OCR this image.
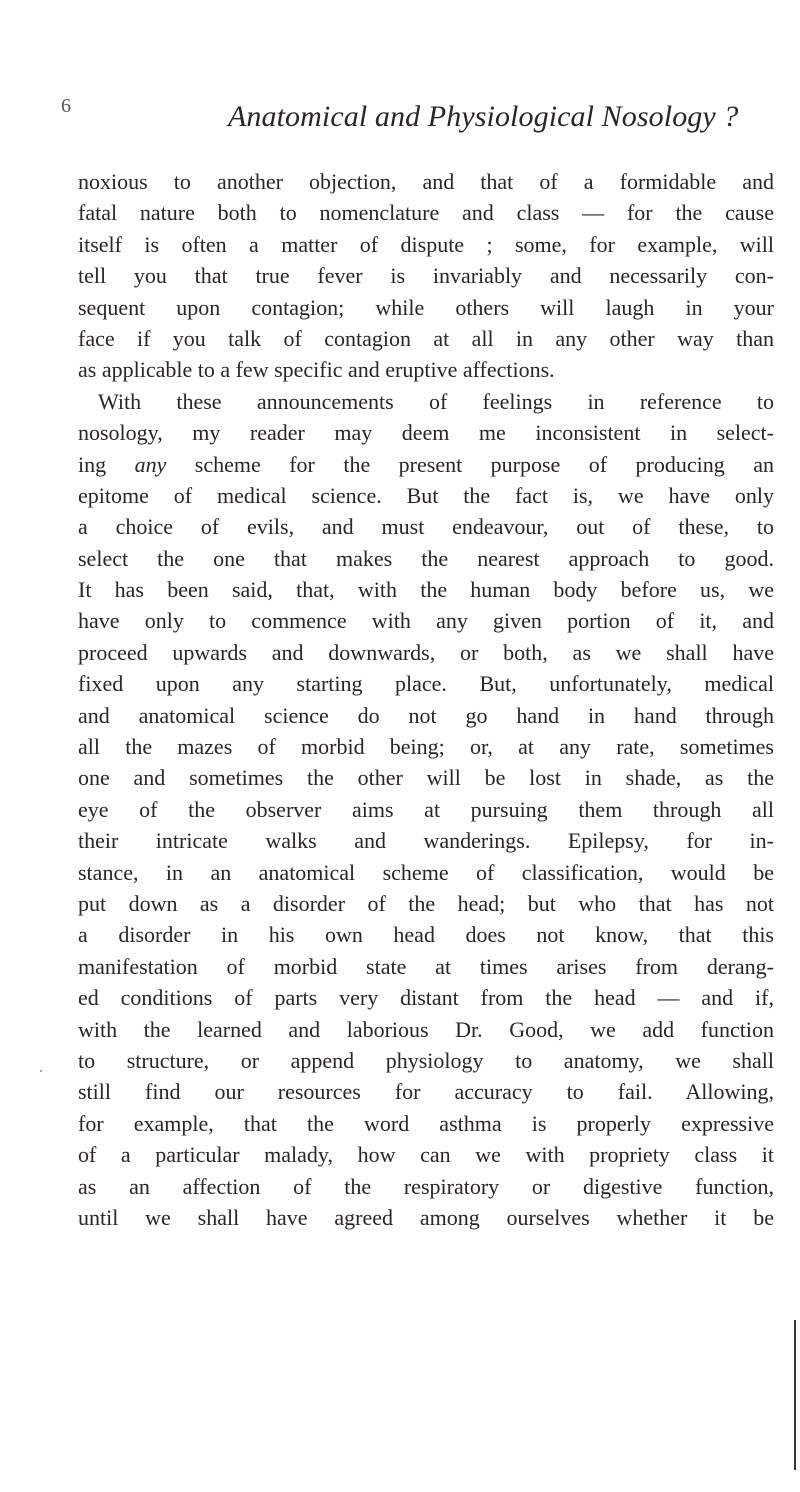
6	Anatomical and Physiological Nosology ?
noxious to another objection, and that of a formidable and
fatal nature both to nomenclature and class — for the cause
itself is often a matter of dispute ; some, for example, will
tell you that true fever is invariably and necessarily con-
sequent upon contagion; while others will laugh in your
face if you talk of contagion at all in any other way than
as applicable to a few specific and eruptive affections.
With these announcements of feelings in reference to
nosology, my reader may deem me inconsistent in select-
ing any scheme for the present purpose of producing an
epitome of medical science. But the fact is, we have only
a choice of evils, and must endeavour, out of these, to
select the one that makes the nearest approach to good.
It has been said, that, with the human body before us, we
have only to commence with any given portion of it, and
proceed upwards and downwards, or both, as we shall have
fixed upon any starting place. But, unfortunately, medical
and anatomical science do not go hand in hand through
all the mazes of morbid being; or, at any rate, sometimes
one and sometimes the other will be lost in shade, as the
eye of the observer aims at pursuing them through all
their intricate walks and wanderings. Epilepsy, for in-
stance, in an anatomical scheme of classification, would be
put down as a disorder of the head; but who that has not
a disorder in his own head does not know, that this
manifestation of morbid state at times arises from derang-
ed conditions of parts very distant from the head — and if,
with the learned and laborious Dr. Good, we add function
to structure, or append physiology to anatomy, we shall
still find our resources for accuracy to fail. Allowing,
for example, that the word asthma is properly expressive
of a particular malady, how can we with propriety class it
as an affection of the respiratory or digestive function,
until we shall have agreed among ourselves whether it be
